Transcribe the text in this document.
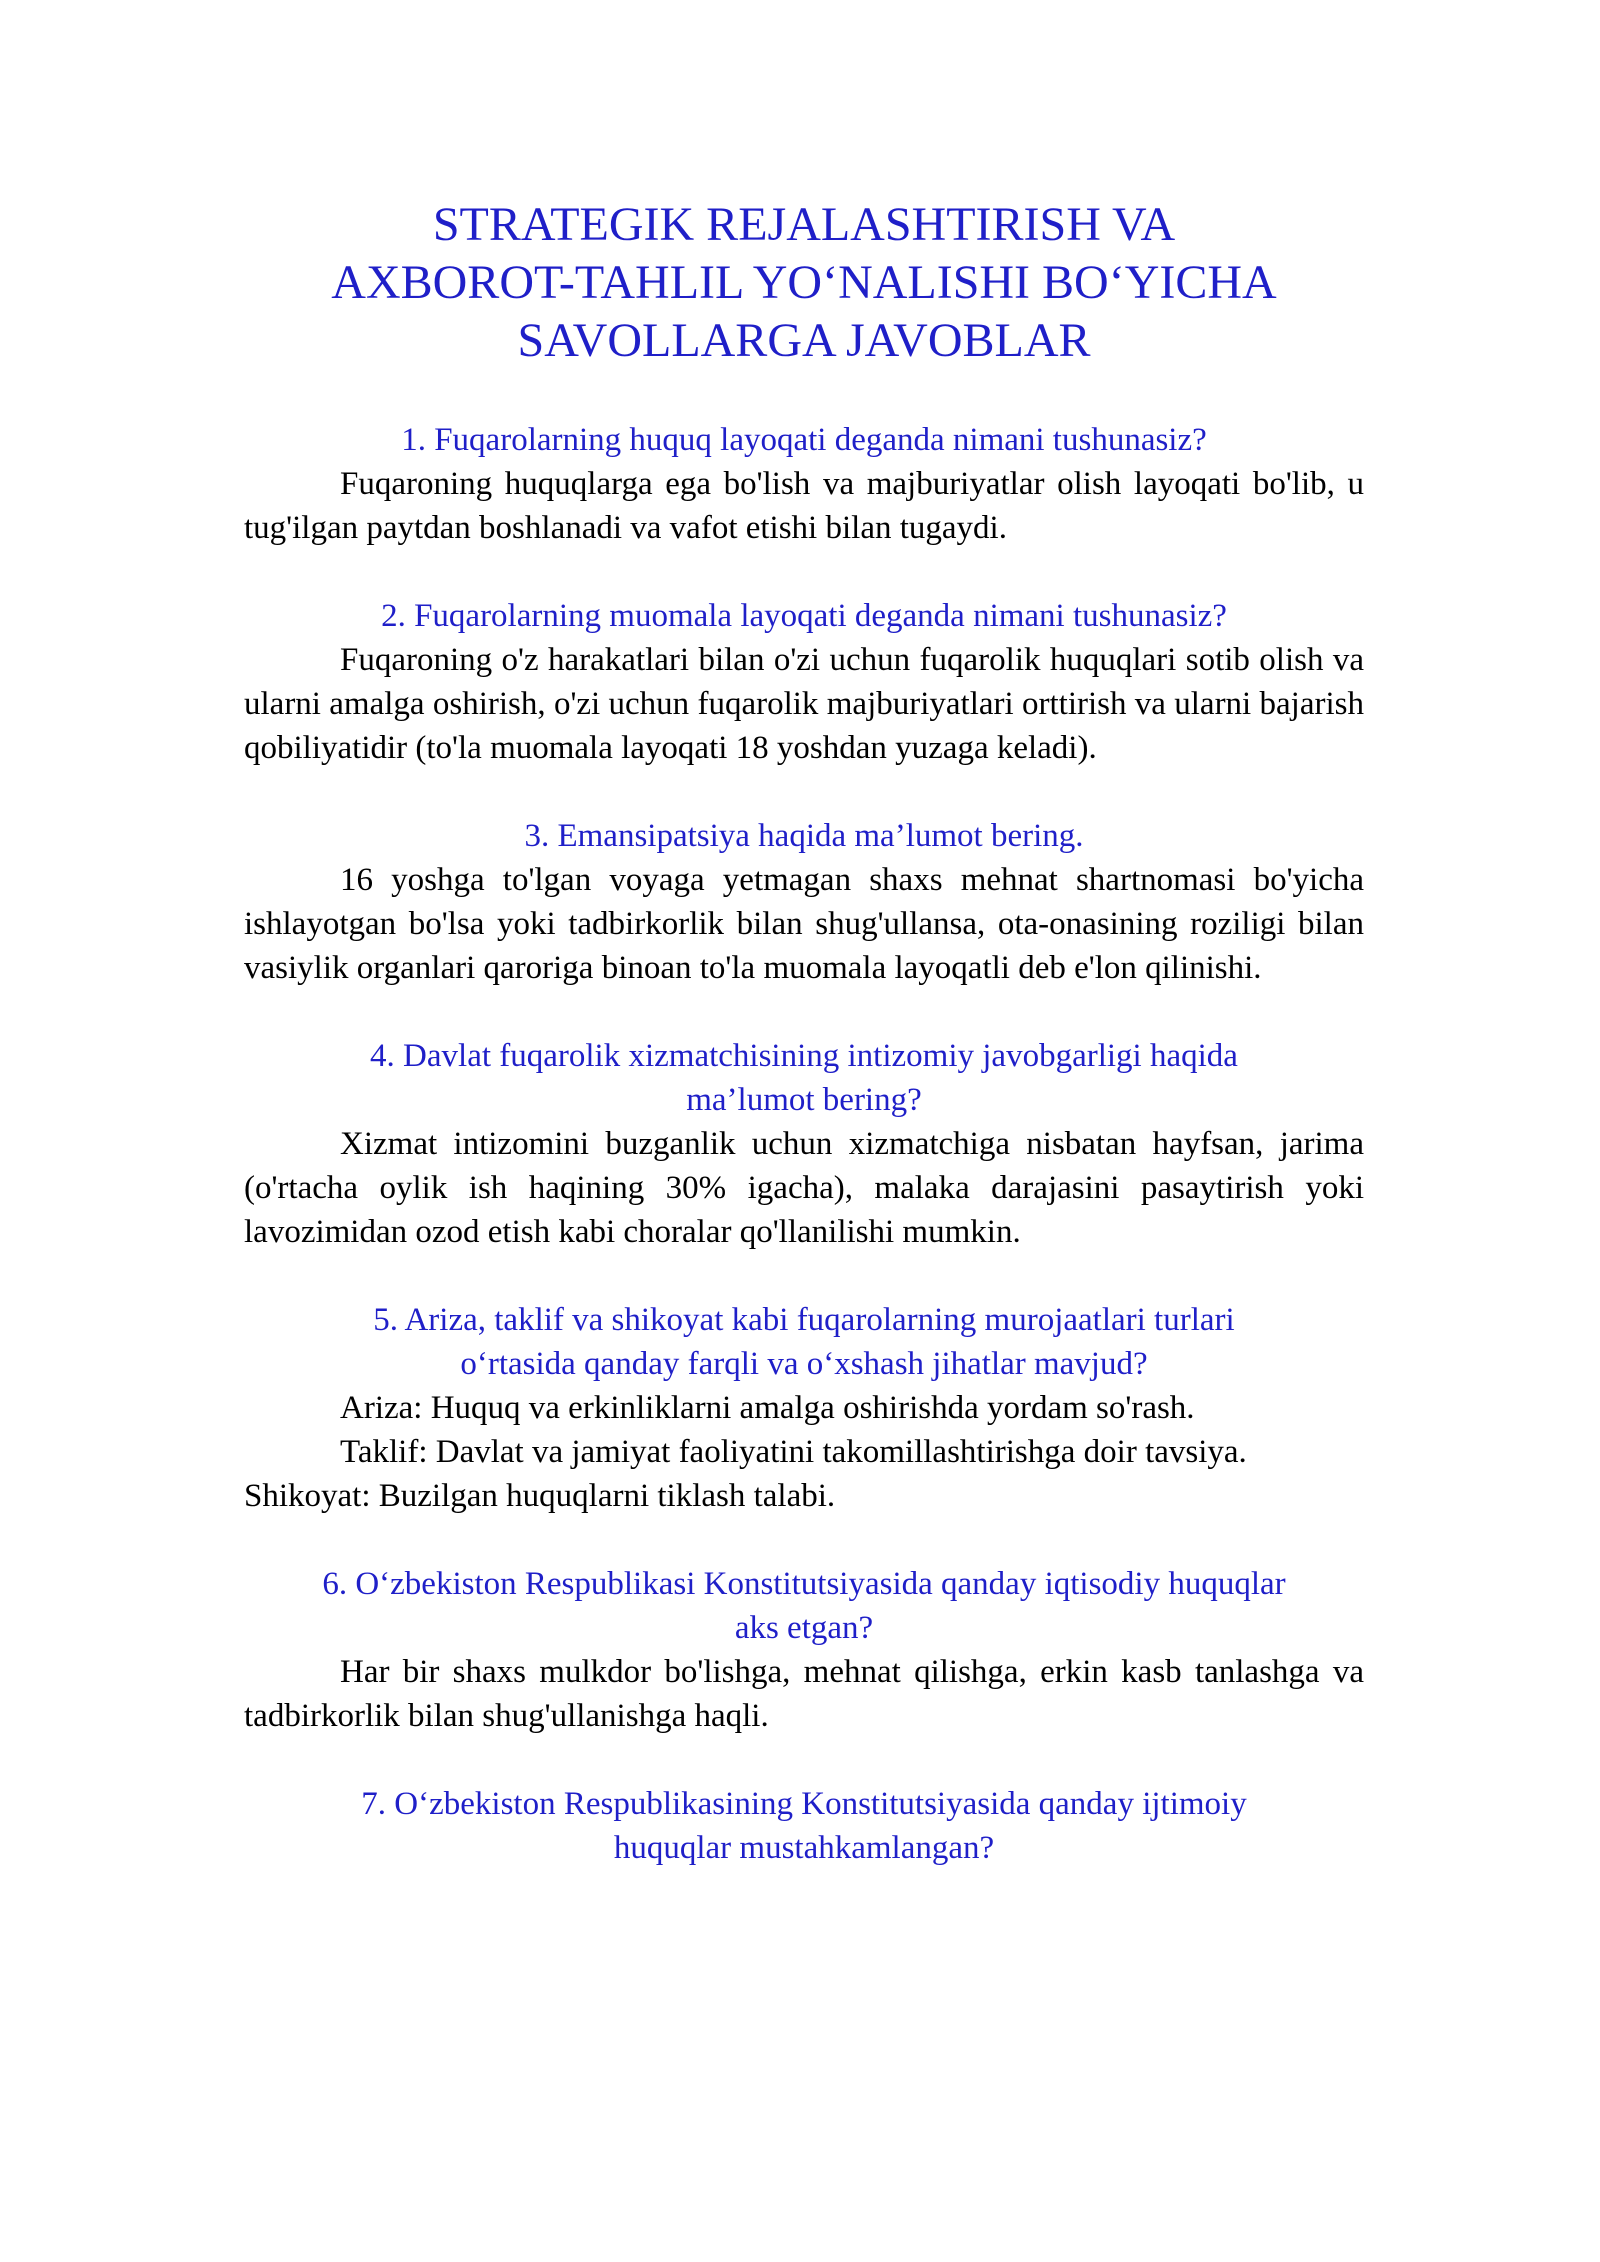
STRATEGIK REJALASHTIRISH VA
AXBOROT-TAHLIL YO‘NALISHI BO‘YICHA
SAVOLLARGA JAVOBLAR
1. Fuqarolarning huquq layoqati deganda nimani tushunasiz?

Fuqaroning huquqlarga ega bo'lish va majburiyatlar olish layoqati bo'lib, u tug'ilgan paytdan boshlanadi va vafot etishi bilan tugaydi.

2. Fuqarolarning muomala layoqati deganda nimani tushunasiz?

Fuqaroning o'z harakatlari bilan o'zi uchun fuqarolik huquqlari sotib olish va ularni amalga oshirish, o'zi uchun fuqarolik majburiyatlari orttirish va ularni bajarish qobiliyatidir (to'la muomala layoqati 18 yoshdan yuzaga keladi).

3. Emansipatsiya haqida ma’lumot bering.

16 yoshga to'lgan voyaga yetmagan shaxs mehnat shartnomasi bo'yicha ishlayotgan bo'lsa yoki tadbirkorlik bilan shug'ullansa, ota-onasining roziligi bilan vasiylik organlari qaroriga binoan to'la muomala layoqatli deb e'lon qilinishi.

4. Davlat fuqarolik xizmatchisining intizomiy javobgarligi haqida
ma’lumot bering?

Xizmat intizomini buzganlik uchun xizmatchiga nisbatan hayfsan, jarima (o'rtacha oylik ish haqining 30% igacha), malaka darajasini pasaytirish yoki lavozimidan ozod etish kabi choralar qo'llanilishi mumkin.

5. Ariza, taklif va shikoyat kabi fuqarolarning murojaatlari turlari
o‘rtasida qanday farqli va o‘xshash jihatlar mavjud?

Ariza: Huquq va erkinliklarni amalga oshirishda yordam so'rash.

Taklif: Davlat va jamiyat faoliyatini takomillashtirishga doir tavsiya.

Shikoyat: Buzilgan huquqlarni tiklash talabi.

6. O‘zbekiston Respublikasi Konstitutsiyasida qanday iqtisodiy huquqlar
aks etgan?

Har bir shaxs mulkdor bo'lishga, mehnat qilishga, erkin kasb tanlashga va tadbirkorlik bilan shug'ullanishga haqli.

7. O‘zbekiston Respublikasining Konstitutsiyasida qanday ijtimoiy
huquqlar mustahkamlangan?
